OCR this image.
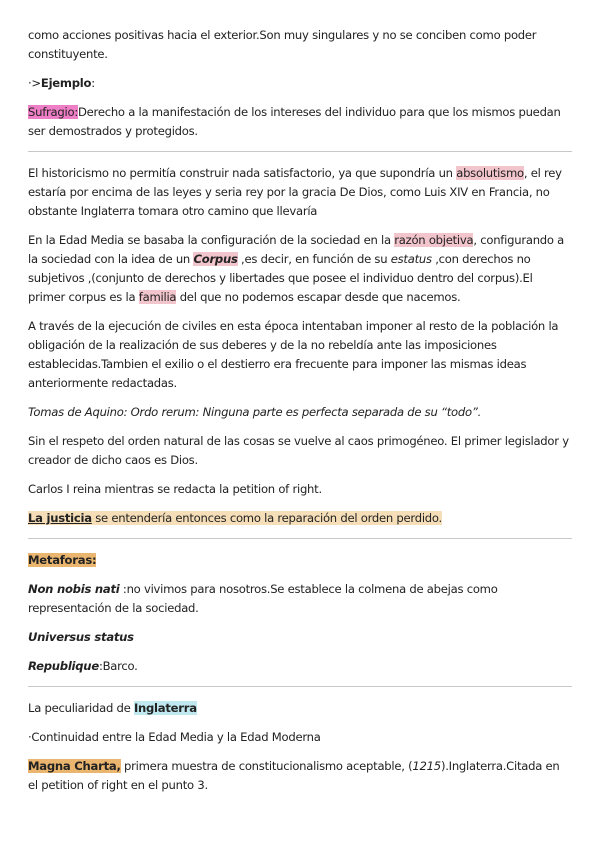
como acciones positivas hacia el exterior.Son muy singulares y no se conciben como poder constituyente.

·>Ejemplo:

Sufragio:Derecho a la manifestación de los intereses del individuo para que los mismos puedan ser demostrados y protegidos.

El historicismo no permitía construir nada satisfactorio, ya que supondría un absolutismo, el rey estaría por encima de las leyes y seria rey por la gracia De Dios, como Luis XIV en Francia, no obstante Inglaterra tomara otro camino que llevaría

En la Edad Media se basaba la configuración de la sociedad en la razón objetiva, configurando a la sociedad con la idea de un Corpus ,es decir, en función de su estatus ,con derechos no subjetivos ,(conjunto de derechos y libertades que posee el individuo dentro del corpus).El primer corpus es la familia del que no podemos escapar desde que nacemos.

A través de la ejecución de civiles en esta época intentaban imponer al resto de la población la obligación de la realización de sus deberes y de la no rebeldía ante las imposiciones establecidas.Tambien el exilio o el destierro era frecuente para imponer las mismas ideas anteriormente redactadas.

Tomas de Aquino: Ordo rerum: Ninguna parte es perfecta separada de su “todo”.

Sin el respeto del orden natural de las cosas se vuelve al caos primogéneo. El primer legislador y creador de dicho caos es Dios.

Carlos I reina mientras se redacta la petition of right.

La justicia se entendería entonces como la reparación del orden perdido.

Metaforas:

Non nobis nati :no vivimos para nosotros.Se establece la colmena de abejas como representación de la sociedad.

Universus status

Republique:Barco.

La peculiaridad de Inglaterra

·Continuidad entre la Edad Media y la Edad Moderna

Magna Charta, primera muestra de constitucionalismo aceptable, (1215).Inglaterra.Citada en el petition of right en el punto 3.
